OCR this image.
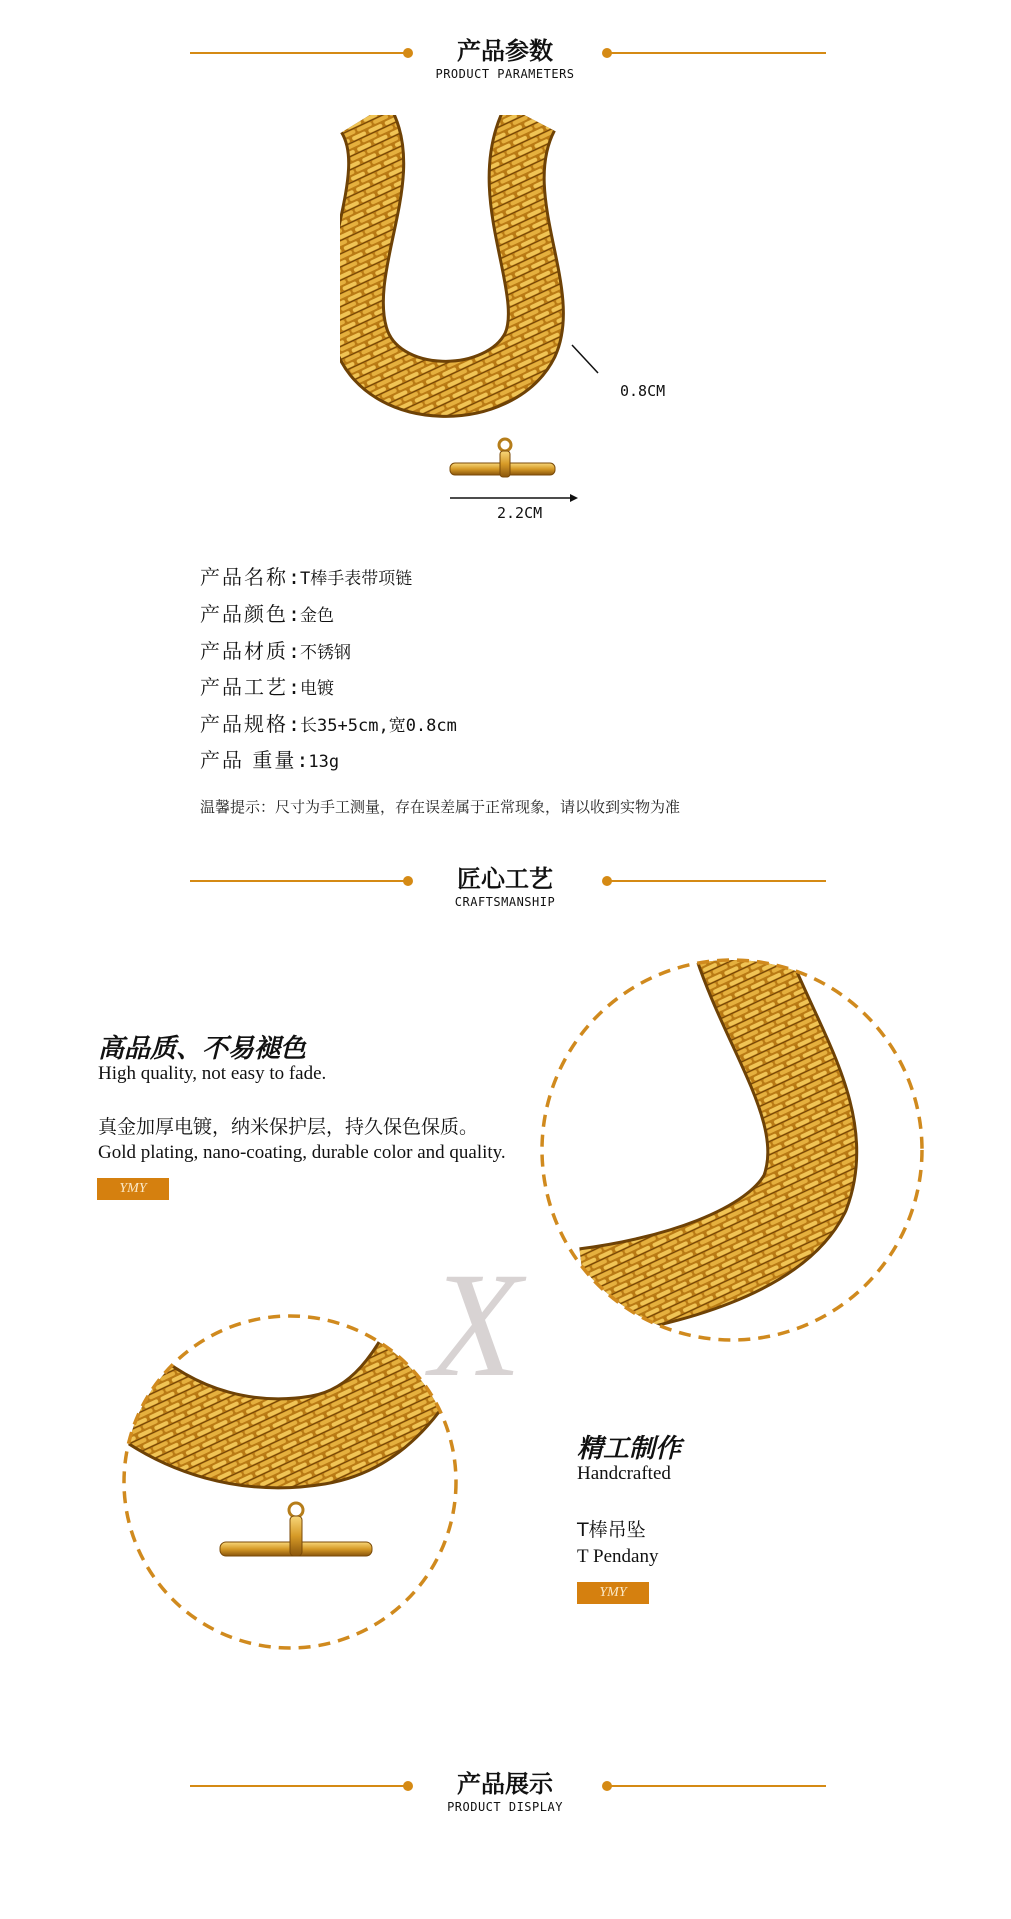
产品参数
PRODUCT PARAMETERS
0.8CM
2.2CM
产品名称:T棒手表带项链
产品颜色:金色
产品材质:不锈钢
产品工艺:电镀
产品规格:长35+5cm,宽0.8cm
产品 重量:13g
温馨提示：尺寸为手工测量，存在误差属于正常现象，请以收到实物为准
匠心工艺
CRAFTSMANSHIP
高品质、不易褪色
High quality, not easy to fade.
真金加厚电镀，纳米保护层，持久保色保质。
Gold plating, nano-coating, durable color and quality.
YMY
X
精工制作
Handcrafted
T棒吊坠
T Pendany
YMY
产品展示
PRODUCT DISPLAY
